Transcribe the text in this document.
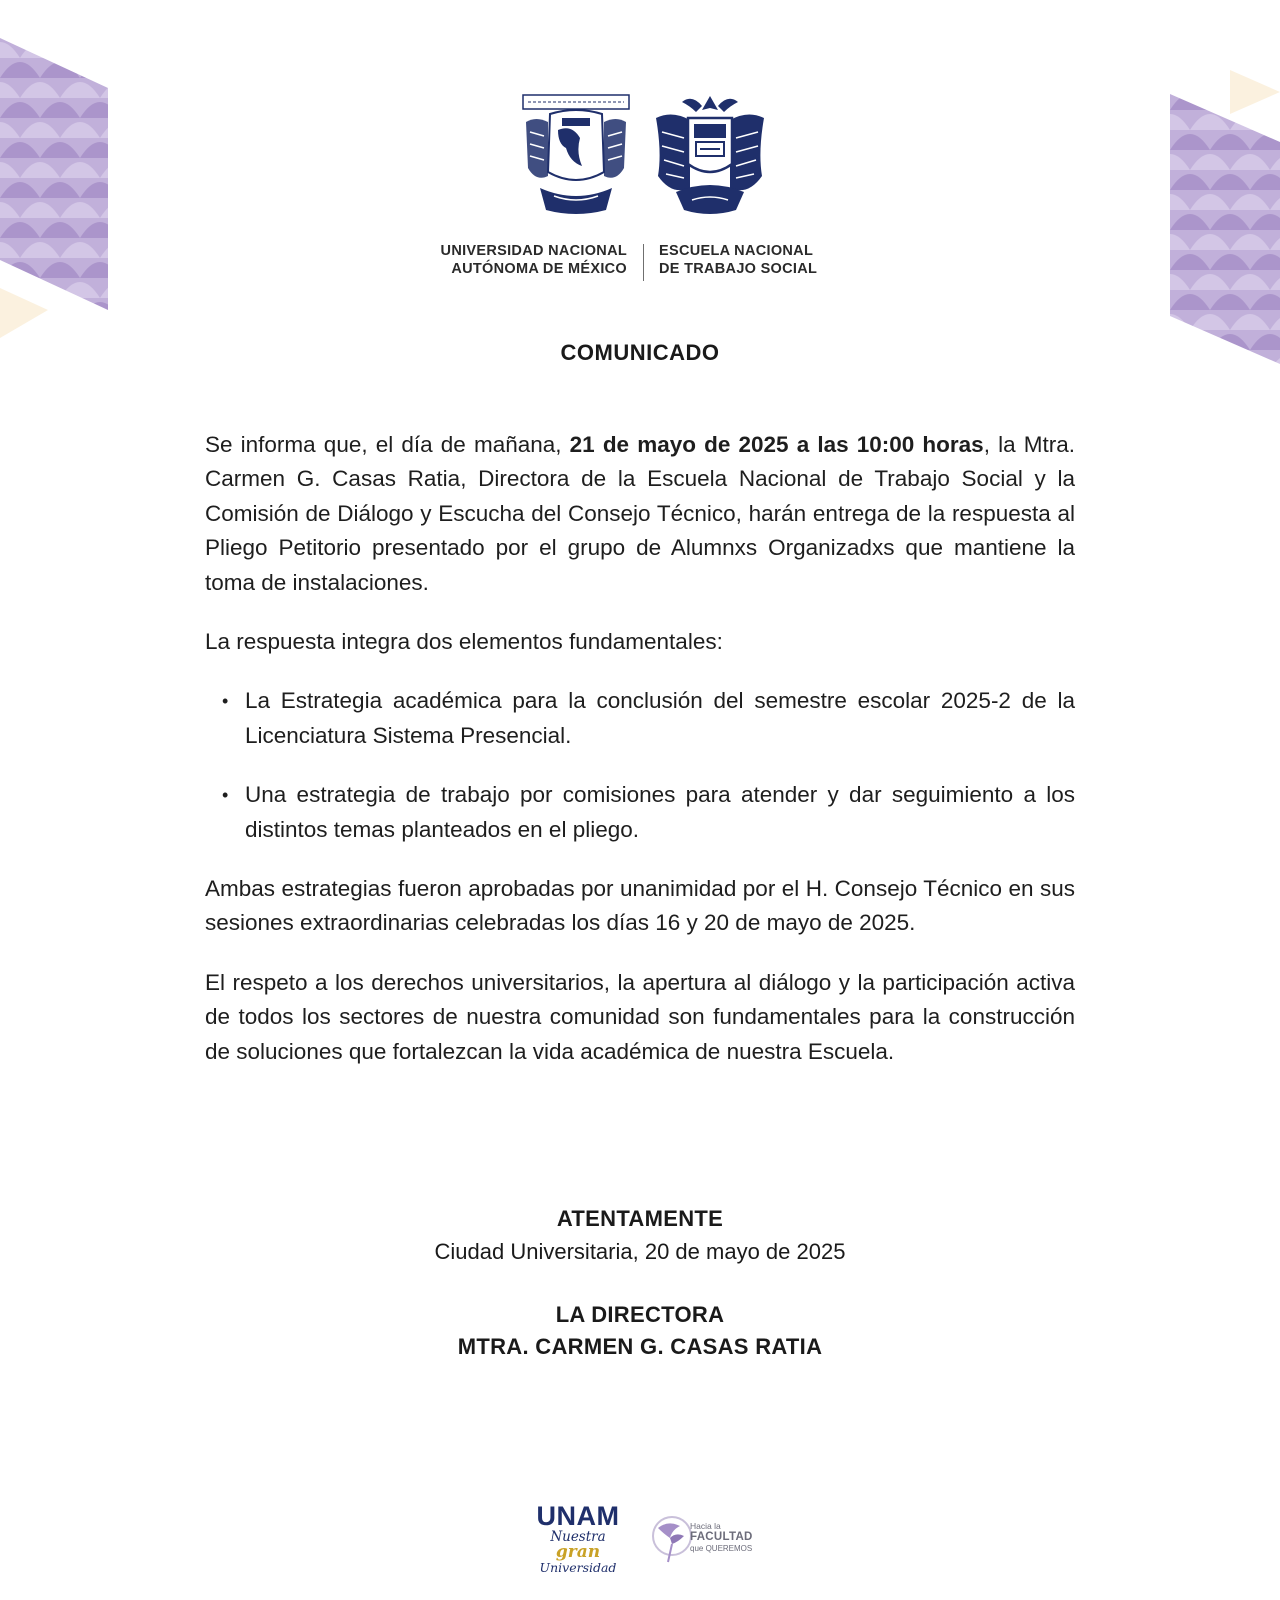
UNIVERSIDAD NACIONAL
AUTÓNOMA DE MÉXICO
ESCUELA NACIONAL
DE TRABAJO SOCIAL
COMUNICADO

Se informa que, el día de mañana, 21 de mayo de 2025 a las 10:00 horas, la Mtra. Carmen G. Casas Ratia, Directora de la Escuela Nacional de Trabajo Social y la Comisión de Diálogo y Escucha del Consejo Técnico, harán entrega de la respuesta al Pliego Petitorio presentado por el grupo de Alumnxs Organizadxs que mantiene la toma de instalaciones.

La respuesta integra dos elementos fundamentales:

• La Estrategia académica para la conclusión del semestre escolar 2025-2 de la Licenciatura Sistema Presencial.
• Una estrategia de trabajo por comisiones para atender y dar seguimiento a los distintos temas planteados en el pliego.

Ambas estrategias fueron aprobadas por unanimidad por el H. Consejo Técnico en sus sesiones extraordinarias celebradas los días 16 y 20 de mayo de 2025.

El respeto a los derechos universitarios, la apertura al diálogo y la participación activa de todos los sectores de nuestra comunidad son fundamentales para la construcción de soluciones que fortalezcan la vida académica de nuestra Escuela.

ATENTAMENTE
Ciudad Universitaria, 20 de mayo de 2025
LA DIRECTORA
MTRA. CARMEN G. CASAS RATIA
UNAM
Nuestra gran
Universidad
Hacia la
FACULTAD
que QUEREMOS
